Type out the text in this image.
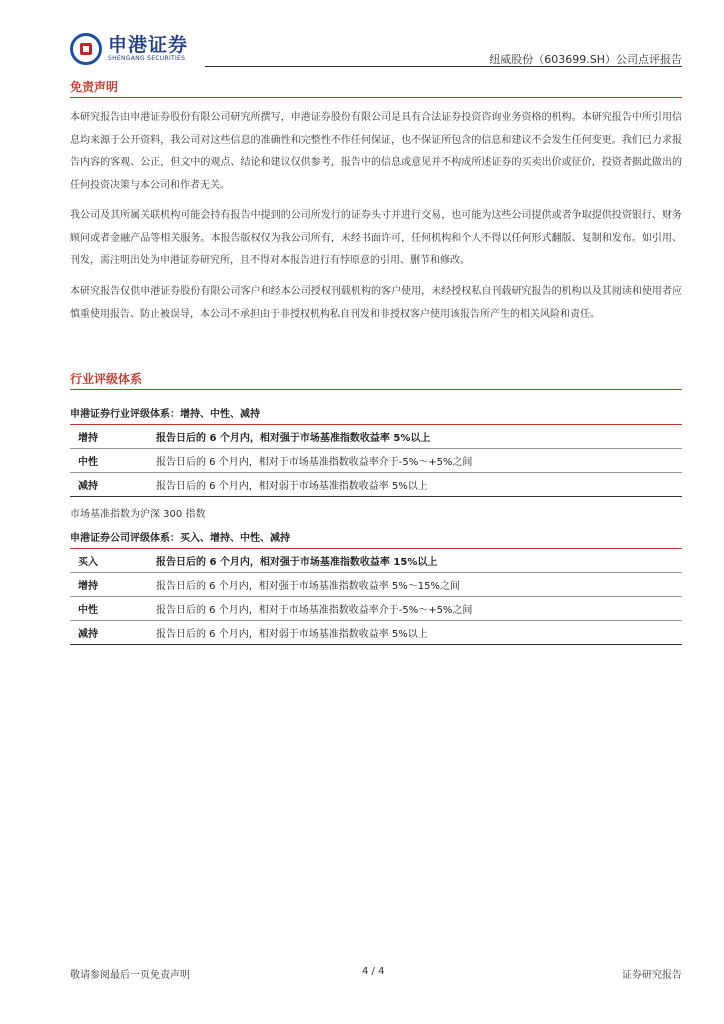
申港证券
SHENGANG SECURITIES	纽威股份（603699.SH）公司点评报告
免责声明
本研究报告由申港证券股份有限公司研究所撰写，申港证券股份有限公司是具有合法证券投资咨询业务资格的机构。本研究报告中所引用信息均来源于公开资料，我公司对这些信息的准确性和完整性不作任何保证，也不保证所包含的信息和建议不会发生任何变更。我们已力求报告内容的客观、公正，但文中的观点、结论和建议仅供参考，报告中的信息或意见并不构成所述证券的买卖出价或征价，投资者据此做出的任何投资决策与本公司和作者无关。
我公司及其所属关联机构可能会持有报告中提到的公司所发行的证券头寸并进行交易，也可能为这些公司提供或者争取提供投资银行、财务顾问或者金融产品等相关服务。本报告版权仅为我公司所有，未经书面许可，任何机构和个人不得以任何形式翻版、复制和发布。如引用、刊发，需注明出处为申港证券研究所，且不得对本报告进行有悖原意的引用、删节和修改。
本研究报告仅供申港证券股份有限公司客户和经本公司授权刊载机构的客户使用，未经授权私自刊载研究报告的机构以及其阅读和使用者应慎重使用报告、防止被误导，本公司不承担由于非授权机构私自刊发和非授权客户使用该报告所产生的相关风险和责任。
行业评级体系
申港证券行业评级体系：增持、中性、减持
增持	报告日后的 6 个月内，相对强于市场基准指数收益率 5%以上
中性	报告日后的 6 个月内，相对于市场基准指数收益率介于-5%～+5%之间
减持	报告日后的 6 个月内，相对弱于市场基准指数收益率 5%以上
市场基准指数为沪深 300 指数
申港证券公司评级体系：买入、增持、中性、减持
买入	报告日后的 6 个月内，相对强于市场基准指数收益率 15%以上
增持	报告日后的 6 个月内，相对强于市场基准指数收益率 5%～15%之间
中性	报告日后的 6 个月内，相对于市场基准指数收益率介于-5%～+5%之间
减持	报告日后的 6 个月内，相对弱于市场基准指数收益率 5%以上
敬请参阅最后一页免责声明	4 / 4	证券研究报告
